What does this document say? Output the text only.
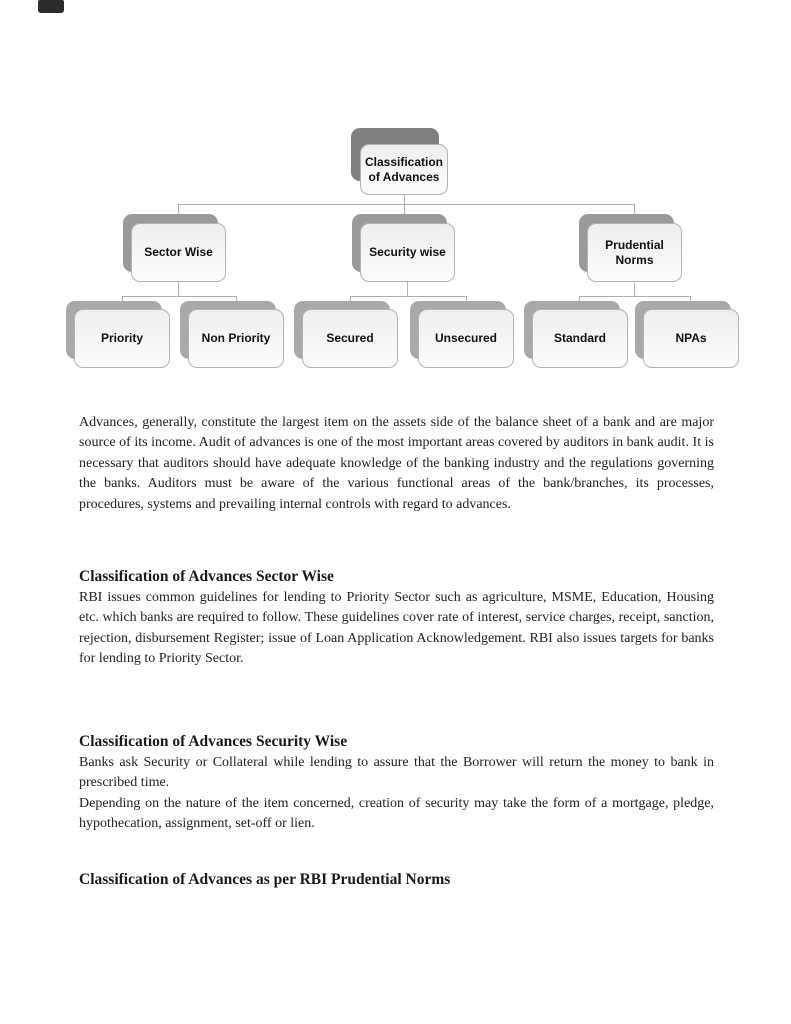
Classification of Advances
Sector Wise	Security wise
Prudential Norms
Priority	Non Priority	Secured	Unsecured	Standard	NPAs

Advances, generally, constitute the largest item on the assets side of the balance sheet of a bank and are major source of its income. Audit of advances is one of the most important areas covered by auditors in bank audit. It is necessary that auditors should have adequate knowledge of the banking industry and the regulations governing the banks. Auditors must be aware of the various functional areas of the bank/branches, its processes, procedures, systems and prevailing internal controls with regard to advances.

Classification of Advances Sector Wise

RBI issues common guidelines for lending to Priority Sector such as agriculture, MSME, Education, Housing etc. which banks are required to follow. These guidelines cover rate of interest, service charges, receipt, sanction, rejection, disbursement Register; issue of Loan Application Acknowledgement. RBI also issues targets for banks for lending to Priority Sector.

Classification of Advances Security Wise

Banks ask Security or Collateral while lending to assure that the Borrower will return the money to bank in prescribed time.

Depending on the nature of the item concerned, creation of security may take the form of a mortgage, pledge, hypothecation, assignment, set-off or lien.

Classification of Advances as per RBI Prudential Norms
